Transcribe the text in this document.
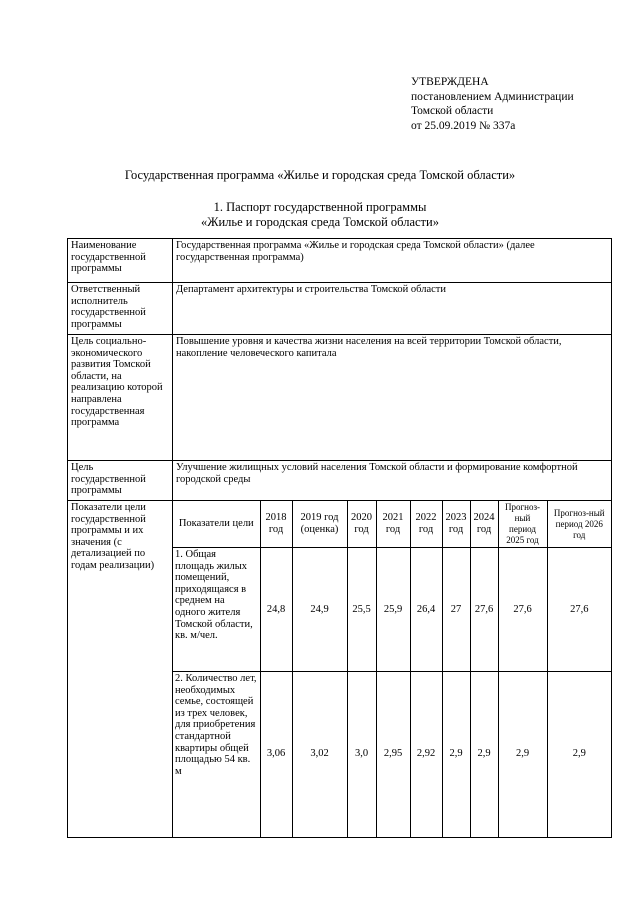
УТВЕРЖДЕНА
постановлением Администрации
Томской области
от 25.09.2019 № 337а
Государственная программа «Жилье и городская среда Томской области»
1. Паспорт государственной программы
«Жилье и городская среда Томской области»
Наименование государственной программы	Государственная программа «Жилье и городская среда Томской области» (далее государственная программа)
Ответственный исполнитель государственной программы	Департамент архитектуры и строительства Томской области
Цель социально-экономического развития Томской области, на реализацию которой направлена государственная программа	Повышение уровня и качества жизни населения на всей территории Томской области, накопление человеческого капитала
Цель государственной программы	Улучшение жилищных условий населения Томской области и формирование комфортной городской среды
Показатели цели государственной программы и их значения (с детализацией по годам реализации)	
Показатели цели	2018 год	2019 год (оценка)	2020 год	2021 год	2022 год	2023 год	2024 год	Прогноз-ный период 2025 год	Прогноз-ный период 2026 год
1. Общая площадь жилых помещений, приходящаяся в среднем на одного жителя Томской области, кв. м/чел.	24,8	24,9	25,5	25,9	26,4	27	27,6	27,6	27,6
2. Количество лет, необходимых семье, состоящей из трех человек, для приобретения стандартной квартиры общей площадью 54 кв. м	3,06	3,02	3,0	2,95	2,92	2,9	2,9	2,9	2,9
